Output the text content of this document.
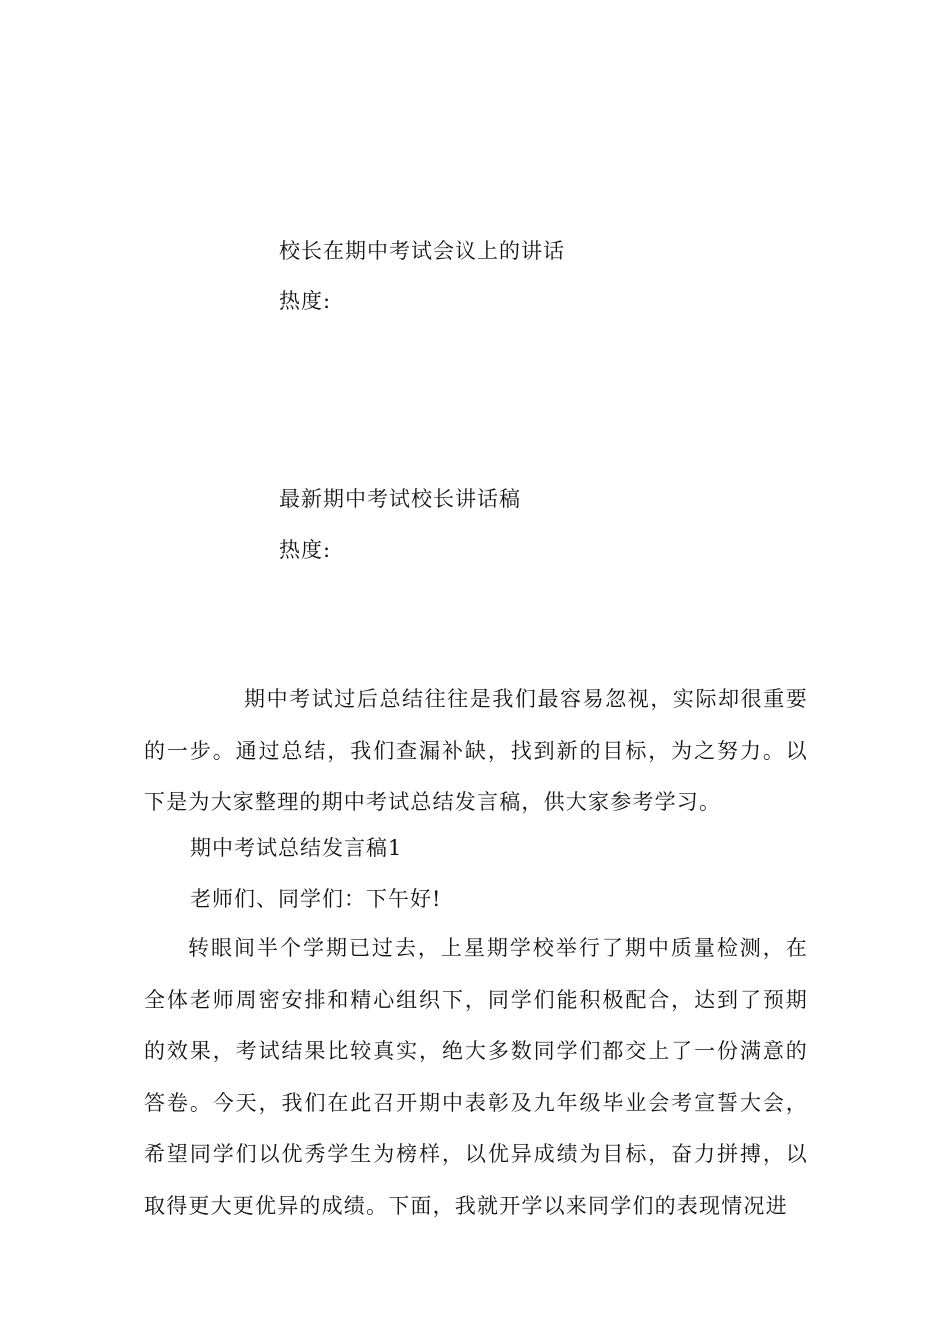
校长在期中考试会议上的讲话
热度:
最新期中考试校长讲话稿
热度:
期中考试过后总结往往是我们最容易忽视，实际却很重要的一步。通过总结，我们查漏补缺，找到新的目标，为之努力。以下是为大家整理的期中考试总结发言稿，供大家参考学习。
期中考试总结发言稿1
老师们、同学们：下午好!
转眼间半个学期已过去，上星期学校举行了期中质量检测，在全体老师周密安排和精心组织下，同学们能积极配合，达到了预期的效果，考试结果比较真实，绝大多数同学们都交上了一份满意的答卷。今天，我们在此召开期中表彰及九年级毕业会考宣誓大会，希望同学们以优秀学生为榜样，以优异成绩为目标，奋力拼搏，以取得更大更优异的成绩。下面，我就开学以来同学们的表现情况进
